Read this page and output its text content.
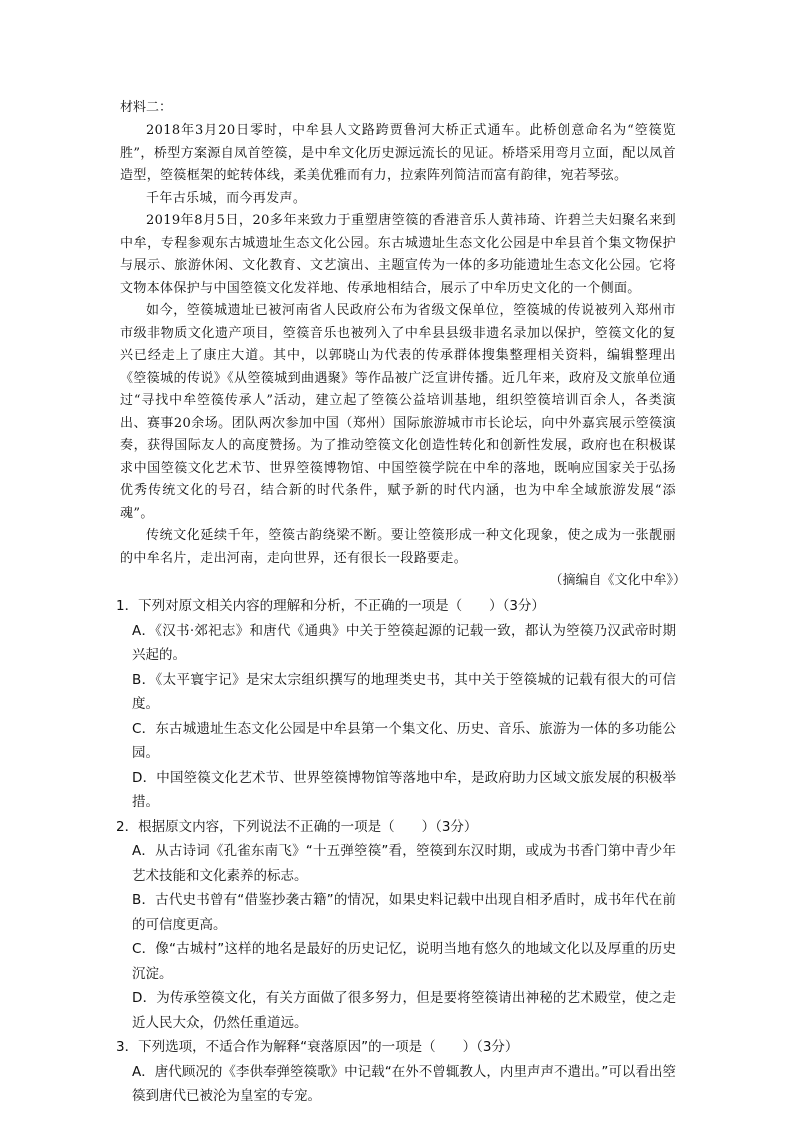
材料二：

2018年3月20日零时，中牟县人文路跨贾鲁河大桥正式通车。此桥创意命名为“箜篌览胜”，桥型方案源自凤首箜篌，是中牟文化历史源远流长的见证。桥塔采用弯月立面，配以凤首造型，箜篌框架的蛇转体线，柔美优雅而有力，拉索阵列简洁而富有韵律，宛若琴弦。

千年古乐城，而今再发声。

2019年8月5日，20多年来致力于重塑唐箜篌的香港音乐人黄祎琦、许碧兰夫妇聚名来到中牟，专程参观东古城遗址生态文化公园。东古城遗址生态文化公园是中牟县首个集文物保护与展示、旅游休闲、文化教育、文艺演出、主题宣传为一体的多功能遗址生态文化公园。它将文物本体保护与中国箜篌文化发祥地、传承地相结合，展示了中牟历史文化的一个侧面。

如今，箜篌城遗址已被河南省人民政府公布为省级文保单位，箜篌城的传说被列入郑州市市级非物质文化遗产项目，箜篌音乐也被列入了中牟县县级非遗名录加以保护，箜篌文化的复兴已经走上了康庄大道。其中，以郭晓山为代表的传承群体搜集整理相关资料，编辑整理出《箜篌城的传说》《从箜篌城到曲遇聚》等作品被广泛宣讲传播。近几年来，政府及文旅单位通过“寻找中牟箜篌传承人”活动，建立起了箜篌公益培训基地，组织箜篌培训百余人，各类演出、赛事20余场。团队两次参加中国（郑州）国际旅游城市市长论坛，向中外嘉宾展示箜篌演奏，获得国际友人的高度赞扬。为了推动箜篌文化创造性转化和创新性发展，政府也在积极谋求中国箜篌文化艺术节、世界箜篌博物馆、中国箜篌学院在中牟的落地，既响应国家关于弘扬优秀传统文化的号召，结合新的时代条件，赋予新的时代内涵，也为中牟全域旅游发展“添魂”。

传统文化延续千年，箜篌古韵绕梁不断。要让箜篌形成一种文化现象，使之成为一张靓丽的中牟名片，走出河南，走向世界，还有很长一段路要走。

（摘编自《文化中牟》）

1．下列对原文相关内容的理解和分析，不正确的一项是（　　）（3分）

A．《汉书·郊祀志》和唐代《通典》中关于箜篌起源的记载一致，都认为箜篌乃汉武帝时期兴起的。

B．《太平寰宇记》是宋太宗组织撰写的地理类史书，其中关于箜篌城的记载有很大的可信度。

C．东古城遗址生态文化公园是中牟县第一个集文化、历史、音乐、旅游为一体的多功能公园。

D．中国箜篌文化艺术节、世界箜篌博物馆等落地中牟，是政府助力区域文旅发展的积极举措。

2．根据原文内容，下列说法不正确的一项是（　　）（3分）

A．从古诗词《孔雀东南飞》“十五弹箜篌”看，箜篌到东汉时期，或成为书香门第中青少年艺术技能和文化素养的标志。

B．古代史书曾有“借鉴抄袭古籍”的情况，如果史料记载中出现自相矛盾时，成书年代在前的可信度更高。

C．像“古城村”这样的地名是最好的历史记忆，说明当地有悠久的地域文化以及厚重的历史沉淀。

D．为传承箜篌文化，有关方面做了很多努力，但是要将箜篌请出神秘的艺术殿堂，使之走近人民大众，仍然任重道远。

3．下列选项，不适合作为解释“衰落原因”的一项是（　　）（3分）

A．唐代顾况的《李供奉弹箜篌歌》中记载“在外不曾辄教人，内里声声不遣出。”可以看出箜篌到唐代已被沦为皇室的专宠。
